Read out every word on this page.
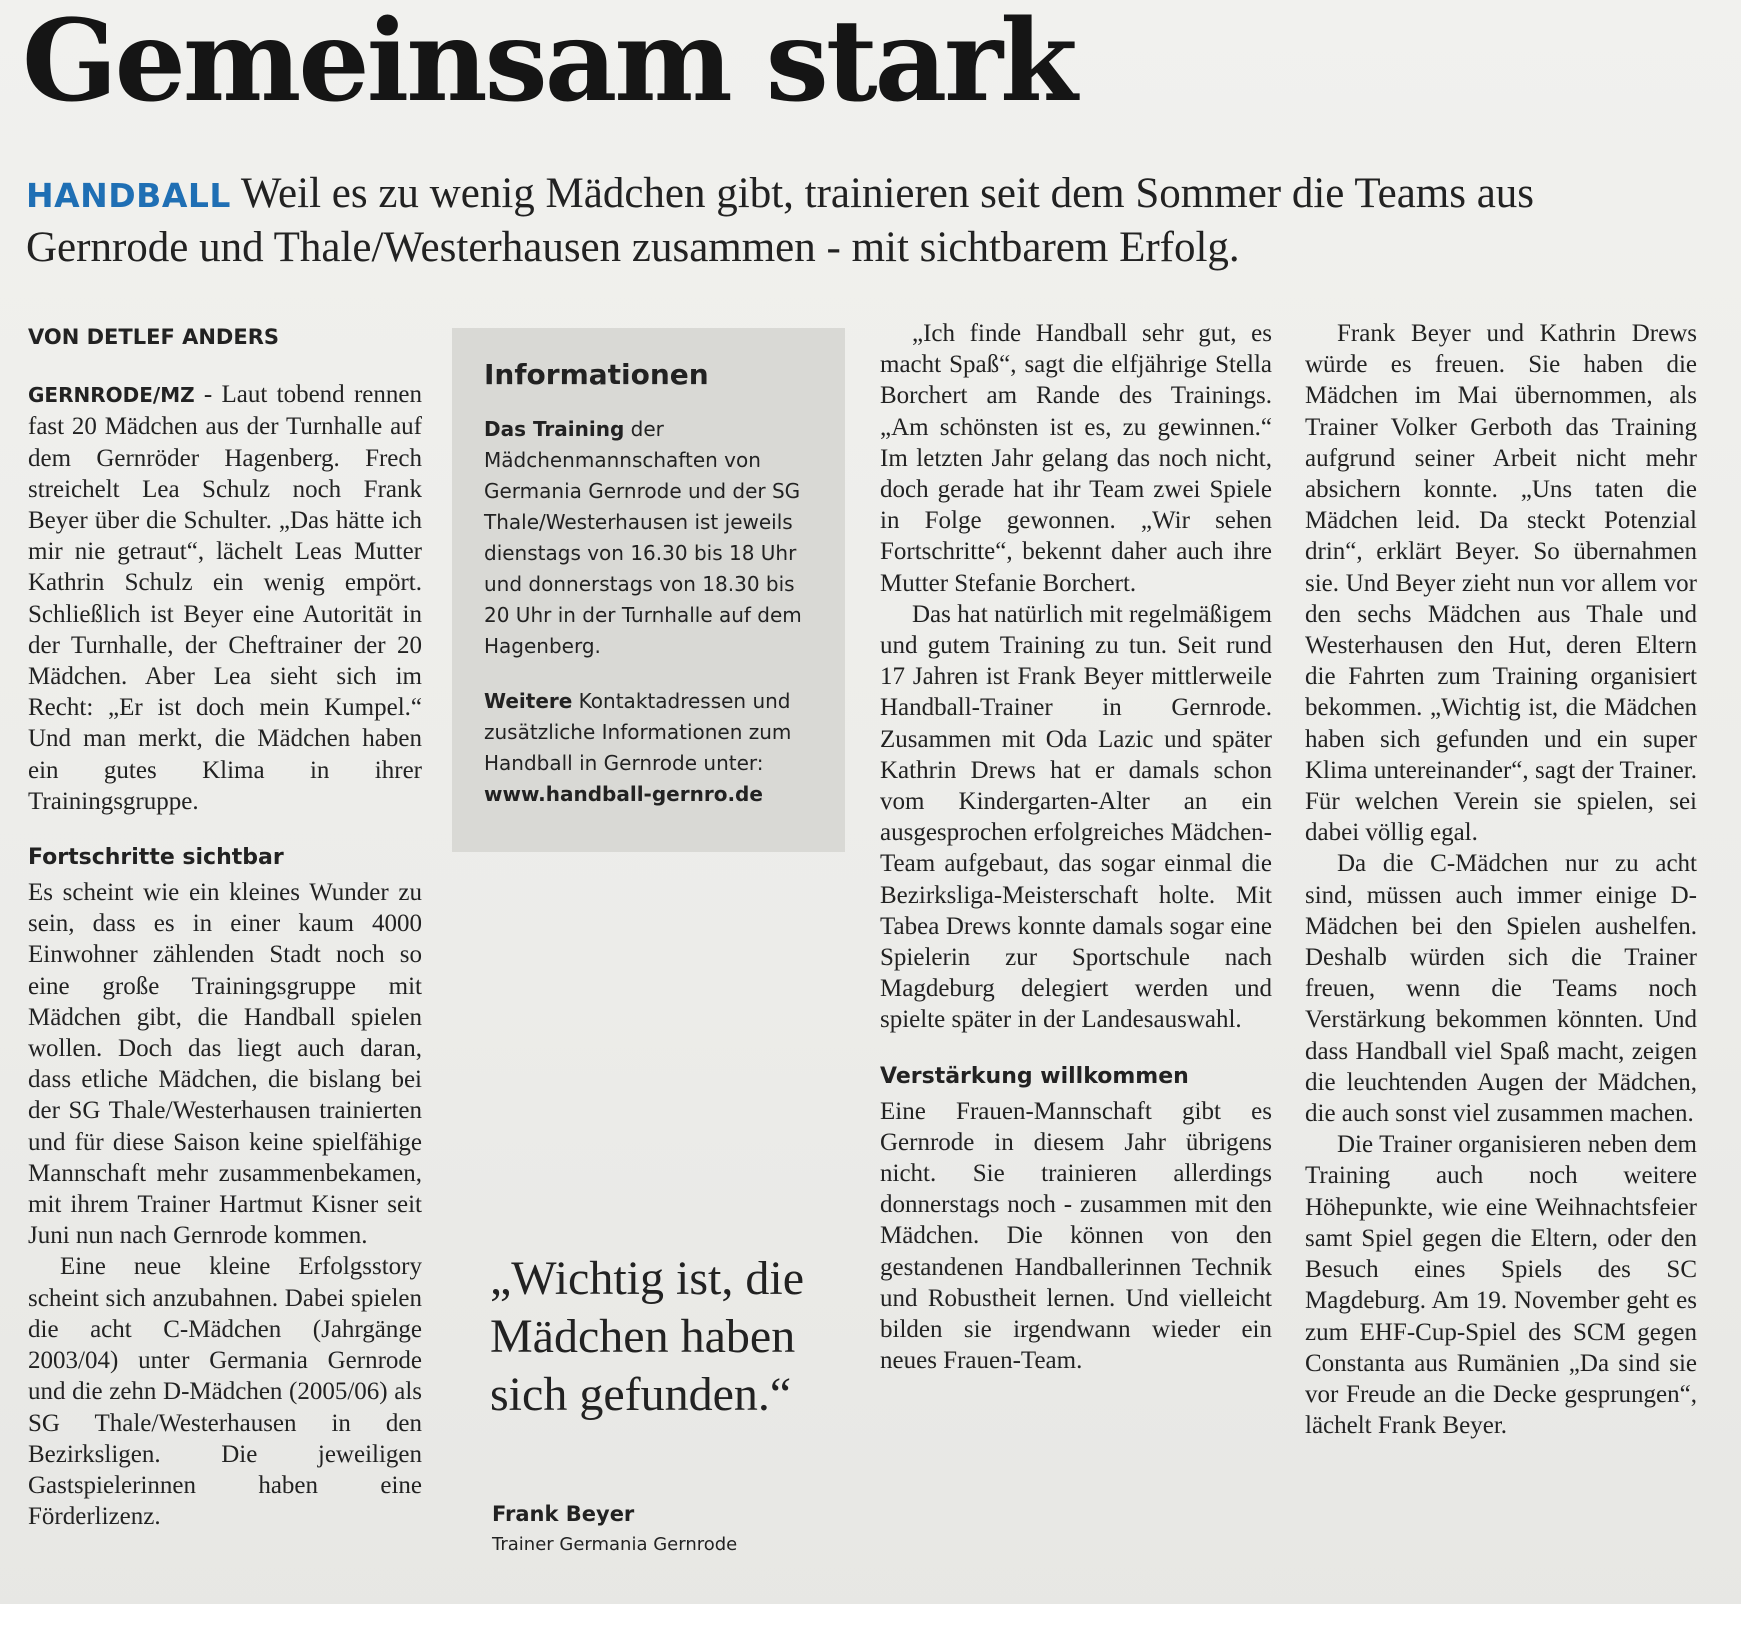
Gemeinsam stark
HANDBALL Weil es zu wenig Mädchen gibt, trainieren seit dem Sommer die Teams aus Gernrode und Thale/Westerhausen zusammen - mit sichtbarem Erfolg.

VON DETLEF ANDERS

GERNRODE/MZ - Laut tobend rennen fast 20 Mädchen aus der Turnhalle auf dem Gernröder Hagenberg. Frech streichelt Lea Schulz noch Frank Beyer über die Schulter. „Das hätte ich mir nie getraut“, lächelt Leas Mutter Kathrin Schulz ein wenig empört. Schließlich ist Beyer eine Autorität in der Turnhalle, der Cheftrainer der 20 Mädchen. Aber Lea sieht sich im Recht: „Er ist doch mein Kumpel.“ Und man merkt, die Mädchen haben ein gutes Klima in ihrer Trainingsgruppe.

Fortschritte sichtbar

Es scheint wie ein kleines Wunder zu sein, dass es in einer kaum 4000 Einwohner zählenden Stadt noch so eine große Trainingsgruppe mit Mädchen gibt, die Handball spielen wollen. Doch das liegt auch daran, dass etliche Mädchen, die bislang bei der SG Thale/Westerhausen trainierten und für diese Saison keine spielfähige Mannschaft mehr zusammenbekamen, mit ihrem Trainer Hartmut Kisner seit Juni nun nach Gernrode kommen.

Eine neue kleine Erfolgsstory scheint sich anzubahnen. Dabei spielen die acht C-Mädchen (Jahrgänge 2003/04) unter Germania Gernrode und die zehn D-Mädchen (2005/06) als SG Thale/Westerhausen in den Bezirksligen. Die jeweiligen Gastspielerinnen haben eine Förderlizenz.

Informationen

Das Training der Mädchenmannschaften von Germania Gernrode und der SG Thale/Westerhausen ist jeweils dienstags von 16.30 bis 18 Uhr und donnerstags von 18.30 bis 20 Uhr in der Turnhalle auf dem Hagenberg.

Weitere Kontaktadressen und zusätzliche Informationen zum Handball in Gernrode unter:
www.handball-gernro.de

„Wichtig ist, die Mädchen haben sich gefunden.“
Frank Beyer
Trainer Germania Gernrode

„Ich finde Handball sehr gut, es macht Spaß“, sagt die elfjährige Stella Borchert am Rande des Trainings. „Am schönsten ist es, zu gewinnen.“ Im letzten Jahr gelang das noch nicht, doch gerade hat ihr Team zwei Spiele in Folge gewonnen. „Wir sehen Fortschritte“, bekennt daher auch ihre Mutter Stefanie Borchert.

Das hat natürlich mit regelmäßigem und gutem Training zu tun. Seit rund 17 Jahren ist Frank Beyer mittlerweile Handball-Trainer in Gernrode. Zusammen mit Oda Lazic und später Kathrin Drews hat er damals schon vom Kindergarten-Alter an ein ausgesprochen erfolgreiches Mädchen-Team aufgebaut, das sogar einmal die Bezirksliga-Meisterschaft holte. Mit Tabea Drews konnte damals sogar eine Spielerin zur Sportschule nach Magdeburg delegiert werden und spielte später in der Landesauswahl.

Verstärkung willkommen

Eine Frauen-Mannschaft gibt es Gernrode in diesem Jahr übrigens nicht. Sie trainieren allerdings donnerstags noch - zusammen mit den Mädchen. Die können von den gestandenen Handballerinnen Technik und Robustheit lernen. Und vielleicht bilden sie irgendwann wieder ein neues Frauen-Team.

Frank Beyer und Kathrin Drews würde es freuen. Sie haben die Mädchen im Mai übernommen, als Trainer Volker Gerboth das Training aufgrund seiner Arbeit nicht mehr absichern konnte. „Uns taten die Mädchen leid. Da steckt Potenzial drin“, erklärt Beyer. So übernahmen sie. Und Beyer zieht nun vor allem vor den sechs Mädchen aus Thale und Westerhausen den Hut, deren Eltern die Fahrten zum Training organisiert bekommen. „Wichtig ist, die Mädchen haben sich gefunden und ein super Klima untereinander“, sagt der Trainer. Für welchen Verein sie spielen, sei dabei völlig egal.

Da die C-Mädchen nur zu acht sind, müssen auch immer einige D-Mädchen bei den Spielen aushelfen. Deshalb würden sich die Trainer freuen, wenn die Teams noch Verstärkung bekommen könnten. Und dass Handball viel Spaß macht, zeigen die leuchtenden Augen der Mädchen, die auch sonst viel zusammen machen.

Die Trainer organisieren neben dem Training auch noch weitere Höhepunkte, wie eine Weihnachtsfeier samt Spiel gegen die Eltern, oder den Besuch eines Spiels des SC Magdeburg. Am 19. November geht es zum EHF-Cup-Spiel des SCM gegen Constanta aus Rumänien „Da sind sie vor Freude an die Decke gesprungen“, lächelt Frank Beyer.
